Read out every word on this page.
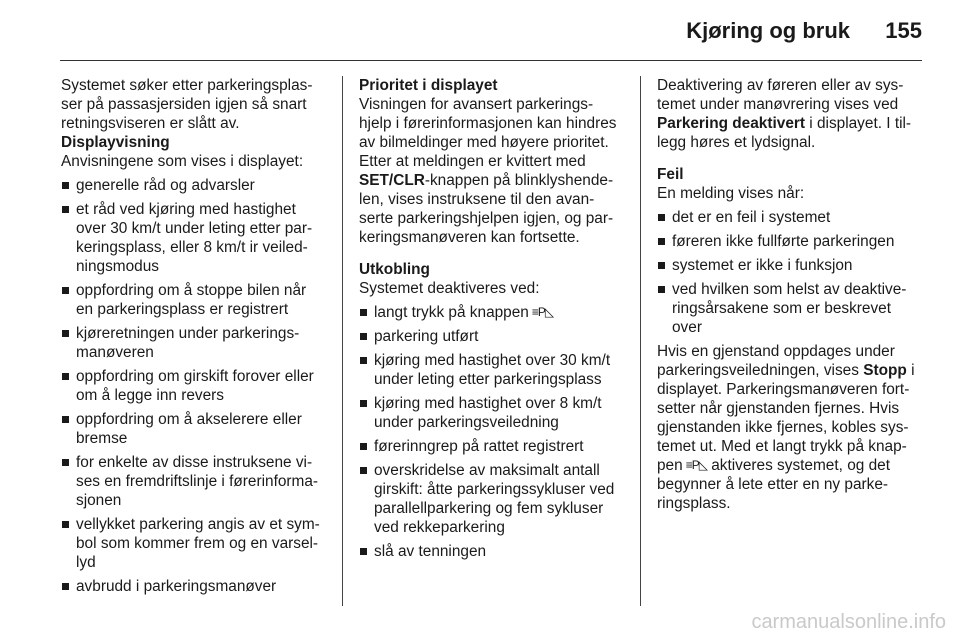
Kjøring og bruk 155

Systemet søker etter parkeringsplas-ser på passasjersiden igjen så snart retningsviseren er slått av.

Displayvisning

Anvisningene som vises i displayet:

generelle råd og advarsler
et råd ved kjøring med hastighet over 30 km/t under leting etter par-keringsplass, eller 8 km/t ir veiled-ningsmodus
oppfordring om å stoppe bilen når en parkeringsplass er registrert
kjøreretningen under parkerings-manøveren
oppfordring om girskift forover eller om å legge inn revers
oppfordring om å akselerere eller bremse
for enkelte av disse instruksene vi-ses en fremdriftslinje i førerinforma-sjonen
vellykket parkering angis av et sym-bol som kommer frem og en varsel-lyd
avbrudd i parkeringsmanøver

Prioritet i displayet

Visningen for avansert parkerings-hjelp i førerinformasjonen kan hindres av bilmeldinger med høyere prioritet. Etter at meldingen er kvittert med SET/CLR-knappen på blinklyshende-len, vises instruksene til den avan-serte parkeringshjelpen igjen, og par-keringsmanøveren kan fortsette.

Utkobling

Systemet deaktiveres ved:

langt trykk på knappen ≡P◺
parkering utført
kjøring med hastighet over 30 km/t under leting etter parkeringsplass
kjøring med hastighet over 8 km/t under parkeringsveiledning
førerinngrep på rattet registrert
overskridelse av maksimalt antall girskift: åtte parkeringssykluser ved parallellparkering og fem sykluser ved rekkeparkering
slå av tenningen

Deaktivering av føreren eller av sys-temet under manøvrering vises ved Parkering deaktivert i displayet. I til-legg høres et lydsignal.

Feil

En melding vises når:

det er en feil i systemet
føreren ikke fullførte parkeringen
systemet er ikke i funksjon
ved hvilken som helst av deaktive-ringsårsakene som er beskrevet over

Hvis en gjenstand oppdages under parkeringsveiledningen, vises Stopp i displayet. Parkeringsmanøveren fort-setter når gjenstanden fjernes. Hvis gjenstanden ikke fjernes, kobles sys-temet ut. Med et langt trykk på knap-pen ≡P◺ aktiveres systemet, og det begynner å lete etter en ny parke-ringsplass.

carmanualsonline.info
